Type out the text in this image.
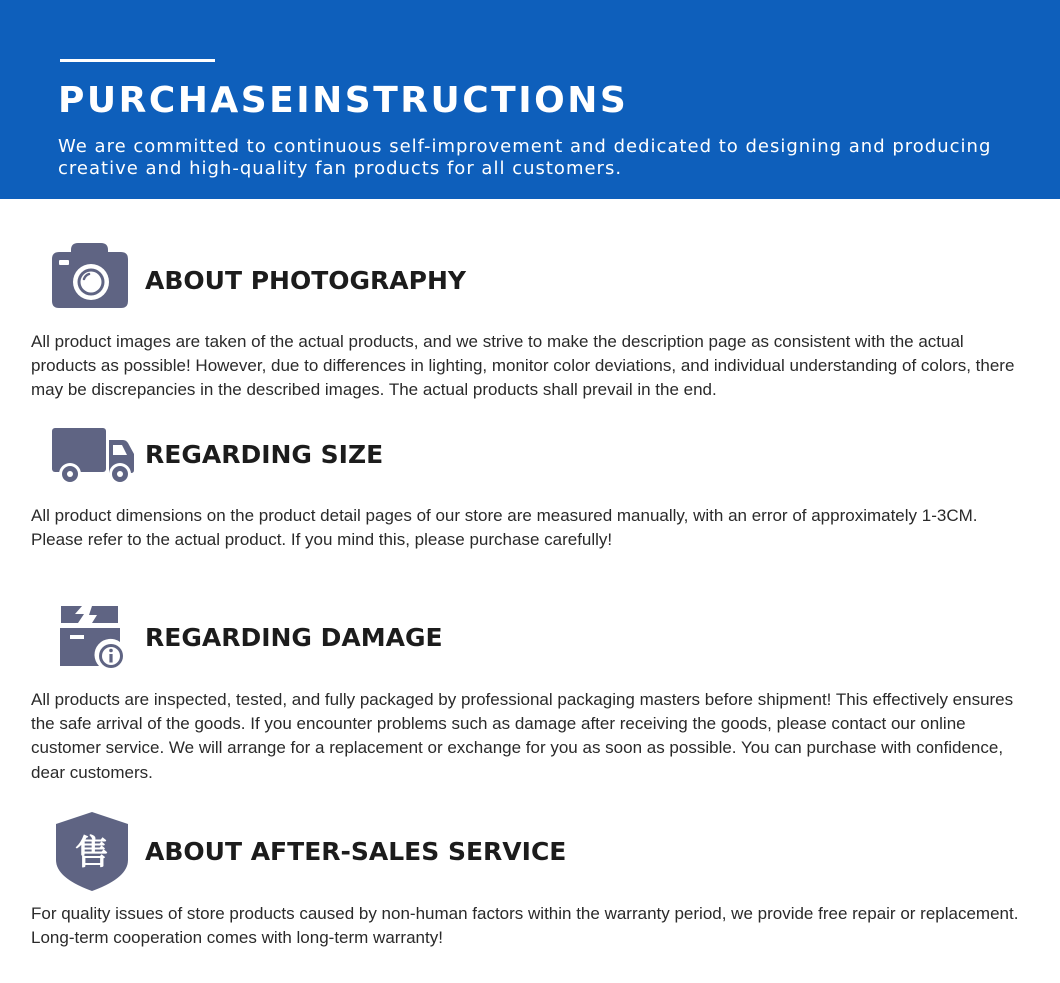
PURCHASEINSTRUCTIONS

We are committed to continuous self-improvement and dedicated to designing and producing creative and high-quality fan products for all customers.

ABOUT PHOTOGRAPHY

All product images are taken of the actual products, and we strive to make the description page as consistent with the actual products as possible! However, due to differences in lighting, monitor color deviations, and individual understanding of colors, there may be discrepancies in the described images. The actual products shall prevail in the end.

REGARDING SIZE

All product dimensions on the product detail pages of our store are measured manually, with an error of approximately 1-3CM. Please refer to the actual product. If you mind this, please purchase carefully!

REGARDING DAMAGE

All products are inspected, tested, and fully packaged by professional packaging masters before shipment! This effectively ensures the safe arrival of the goods. If you encounter problems such as damage after receiving the goods, please contact our online customer service. We will arrange for a replacement or exchange for you as soon as possible. You can purchase with confidence, dear customers.

售 ABOUT AFTER-SALES SERVICE

For quality issues of store products caused by non-human factors within the warranty period, we provide free repair or replacement. Long-term cooperation comes with long-term warranty!
